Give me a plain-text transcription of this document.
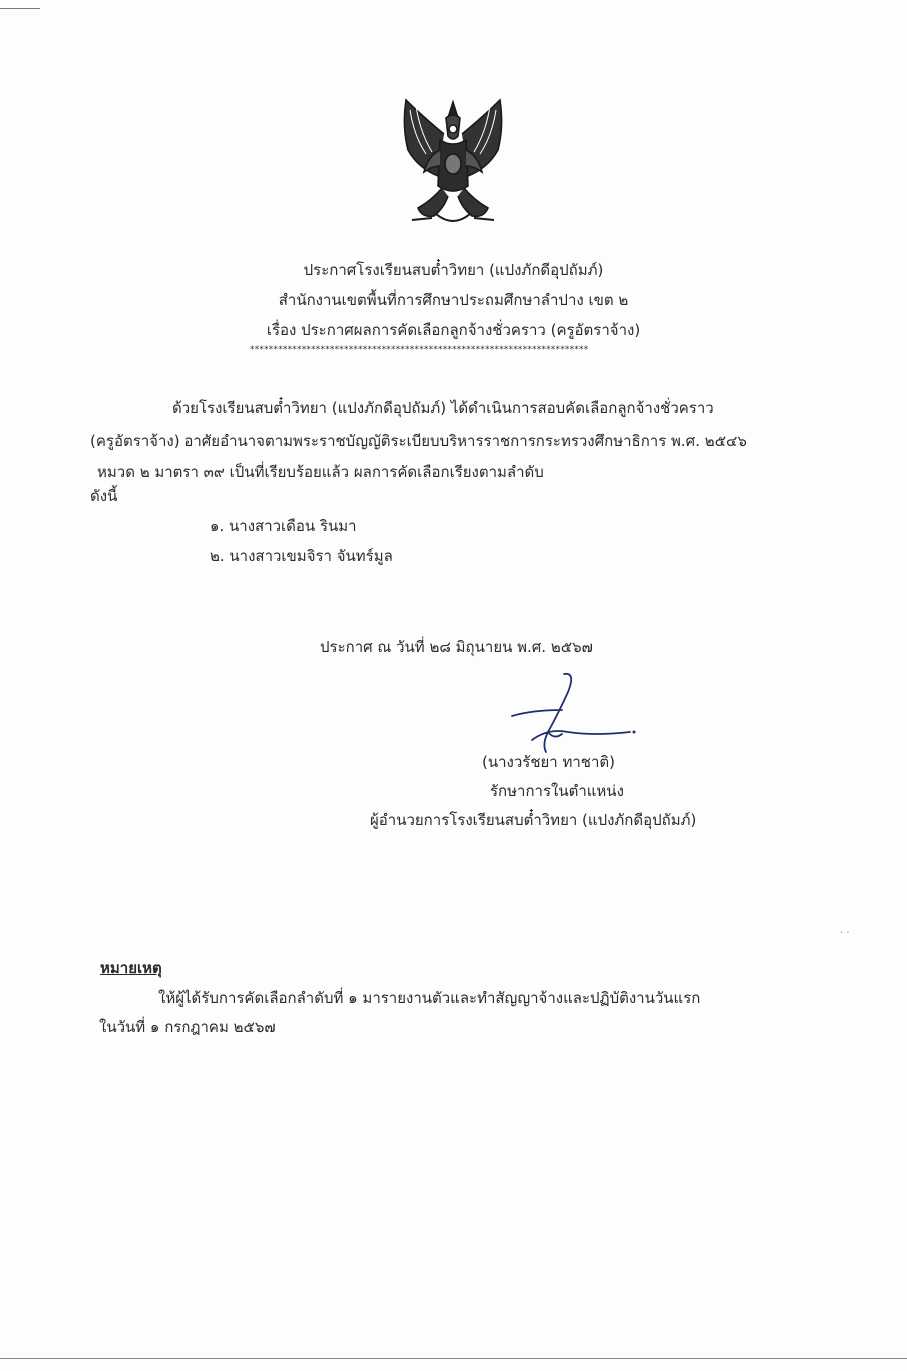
ประกาศโรงเรียนสบต๋ำวิทยา (แปงภักดีอุปถัมภ์)
สำนักงานเขตพื้นที่การศึกษาประถมศึกษาลำปาง เขต ๒
เรื่อง ประกาศผลการคัดเลือกลูกจ้างชั่วคราว (ครูอัตราจ้าง)
************************************************************************
ด้วยโรงเรียนสบต๋ำวิทยา (แปงภักดีอุปถัมภ์) ได้ดำเนินการสอบคัดเลือกลูกจ้างชั่วคราว
(ครูอัตราจ้าง) อาศัยอำนาจตามพระราชบัญญัติระเบียบบริหารราชการกระทรวงศึกษาธิการ พ.ศ. ๒๕๔๖
หมวด ๒ มาตรา ๓๙ เป็นที่เรียบร้อยแล้ว ผลการคัดเลือกเรียงตามลำดับ
ดังนี้
๑. นางสาวเดือน รินมา
๒. นางสาวเขมจิรา จันทร์มูล
ประกาศ ณ วันที่ ๒๘ มิถุนายน พ.ศ. ๒๕๖๗
(นางวรัชยา ทาชาติ)
รักษาการในตำแหน่ง
ผู้อำนวยการโรงเรียนสบต๋ำวิทยา (แปงภักดีอุปถัมภ์)
· ·
หมายเหตุ
ให้ผู้ได้รับการคัดเลือกลำดับที่ ๑ มารายงานตัวและทำสัญญาจ้างและปฏิบัติงานวันแรก
ในวันที่ ๑ กรกฎาคม ๒๕๖๗
